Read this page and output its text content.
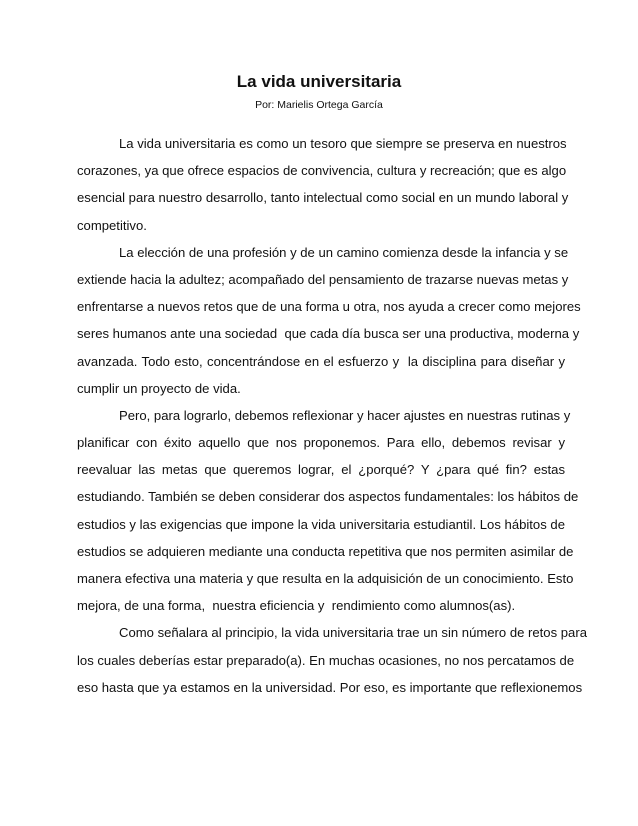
La vida universitaria

Por: Marielis Ortega García

La vida universitaria es como un tesoro que siempre se preserva en nuestros
corazones, ya que ofrece espacios de convivencia, cultura y recreación; que es algo
esencial para nuestro desarrollo, tanto intelectual como social en un mundo laboral y
competitivo.
La elección de una profesión y de un camino comienza desde la infancia y se
extiende hacia la adultez; acompañado del pensamiento de trazarse nuevas metas y
enfrentarse a nuevos retos que de una forma u otra, nos ayuda a crecer como mejores
seres humanos ante una sociedad  que cada día busca ser una productiva, moderna y
avanzada. Todo esto, concentrándose en el esfuerzo y  la disciplina para diseñar y
cumplir un proyecto de vida.
Pero, para lograrlo, debemos reflexionar y hacer ajustes en nuestras rutinas y
planificar con éxito aquello que nos proponemos. Para ello, debemos revisar y
reevaluar las metas que queremos lograr, el ¿porqué? Y ¿para qué fin? estas
estudiando. También se deben considerar dos aspectos fundamentales: los hábitos de
estudios y las exigencias que impone la vida universitaria estudiantil. Los hábitos de
estudios se adquieren mediante una conducta repetitiva que nos permiten asimilar de
manera efectiva una materia y que resulta en la adquisición de un conocimiento. Esto
mejora, de una forma,  nuestra eficiencia y  rendimiento como alumnos(as).
Como señalara al principio, la vida universitaria trae un sin número de retos para
los cuales deberías estar preparado(a). En muchas ocasiones, no nos percatamos de
eso hasta que ya estamos en la universidad. Por eso, es importante que reflexionemos
